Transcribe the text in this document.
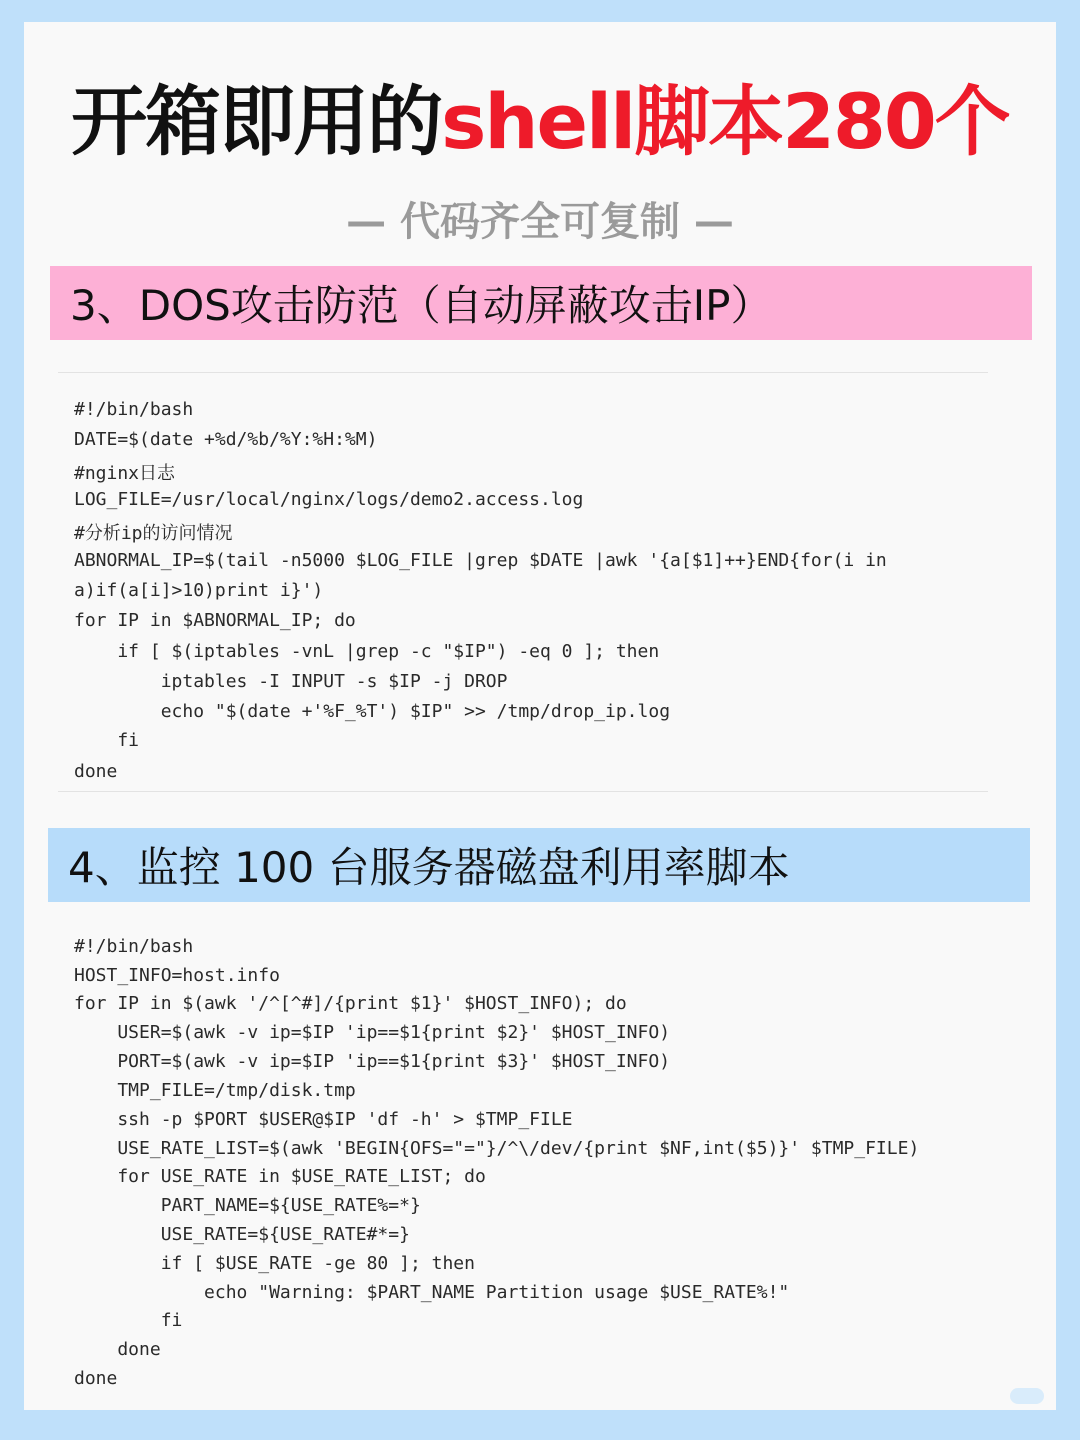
开箱即用的shell脚本280个
— 代码齐全可复制 —
3、DOS攻击防范（自动屏蔽攻击IP）
#!/bin/bash
DATE=$(date +%d/%b/%Y:%H:%M)
#nginx日志
LOG_FILE=/usr/local/nginx/logs/demo2.access.log
#分析ip的访问情况
ABNORMAL_IP=$(tail -n5000 $LOG_FILE |grep $DATE |awk '{a[$1]++}END{for(i in
a)if(a[i]>10)print i}')
for IP in $ABNORMAL_IP; do
if [ $(iptables -vnL |grep -c "$IP") -eq 0 ]; then
iptables -I INPUT -s $IP -j DROP
echo "$(date +'%F_%T') $IP" >> /tmp/drop_ip.log
fi
done
4、监控 100 台服务器磁盘利用率脚本
#!/bin/bash
HOST_INFO=host.info
for IP in $(awk '/^[^#]/{print $1}' $HOST_INFO); do
USER=$(awk -v ip=$IP 'ip==$1{print $2}' $HOST_INFO)
PORT=$(awk -v ip=$IP 'ip==$1{print $3}' $HOST_INFO)
TMP_FILE=/tmp/disk.tmp
ssh -p $PORT $USER@$IP 'df -h' > $TMP_FILE
USE_RATE_LIST=$(awk 'BEGIN{OFS="="}/^\/dev/{print $NF,int($5)}' $TMP_FILE)
for USE_RATE in $USE_RATE_LIST; do
PART_NAME=${USE_RATE%=*}
USE_RATE=${USE_RATE#*=}
if [ $USE_RATE -ge 80 ]; then
echo "Warning: $PART_NAME Partition usage $USE_RATE%!"
fi
done
done
